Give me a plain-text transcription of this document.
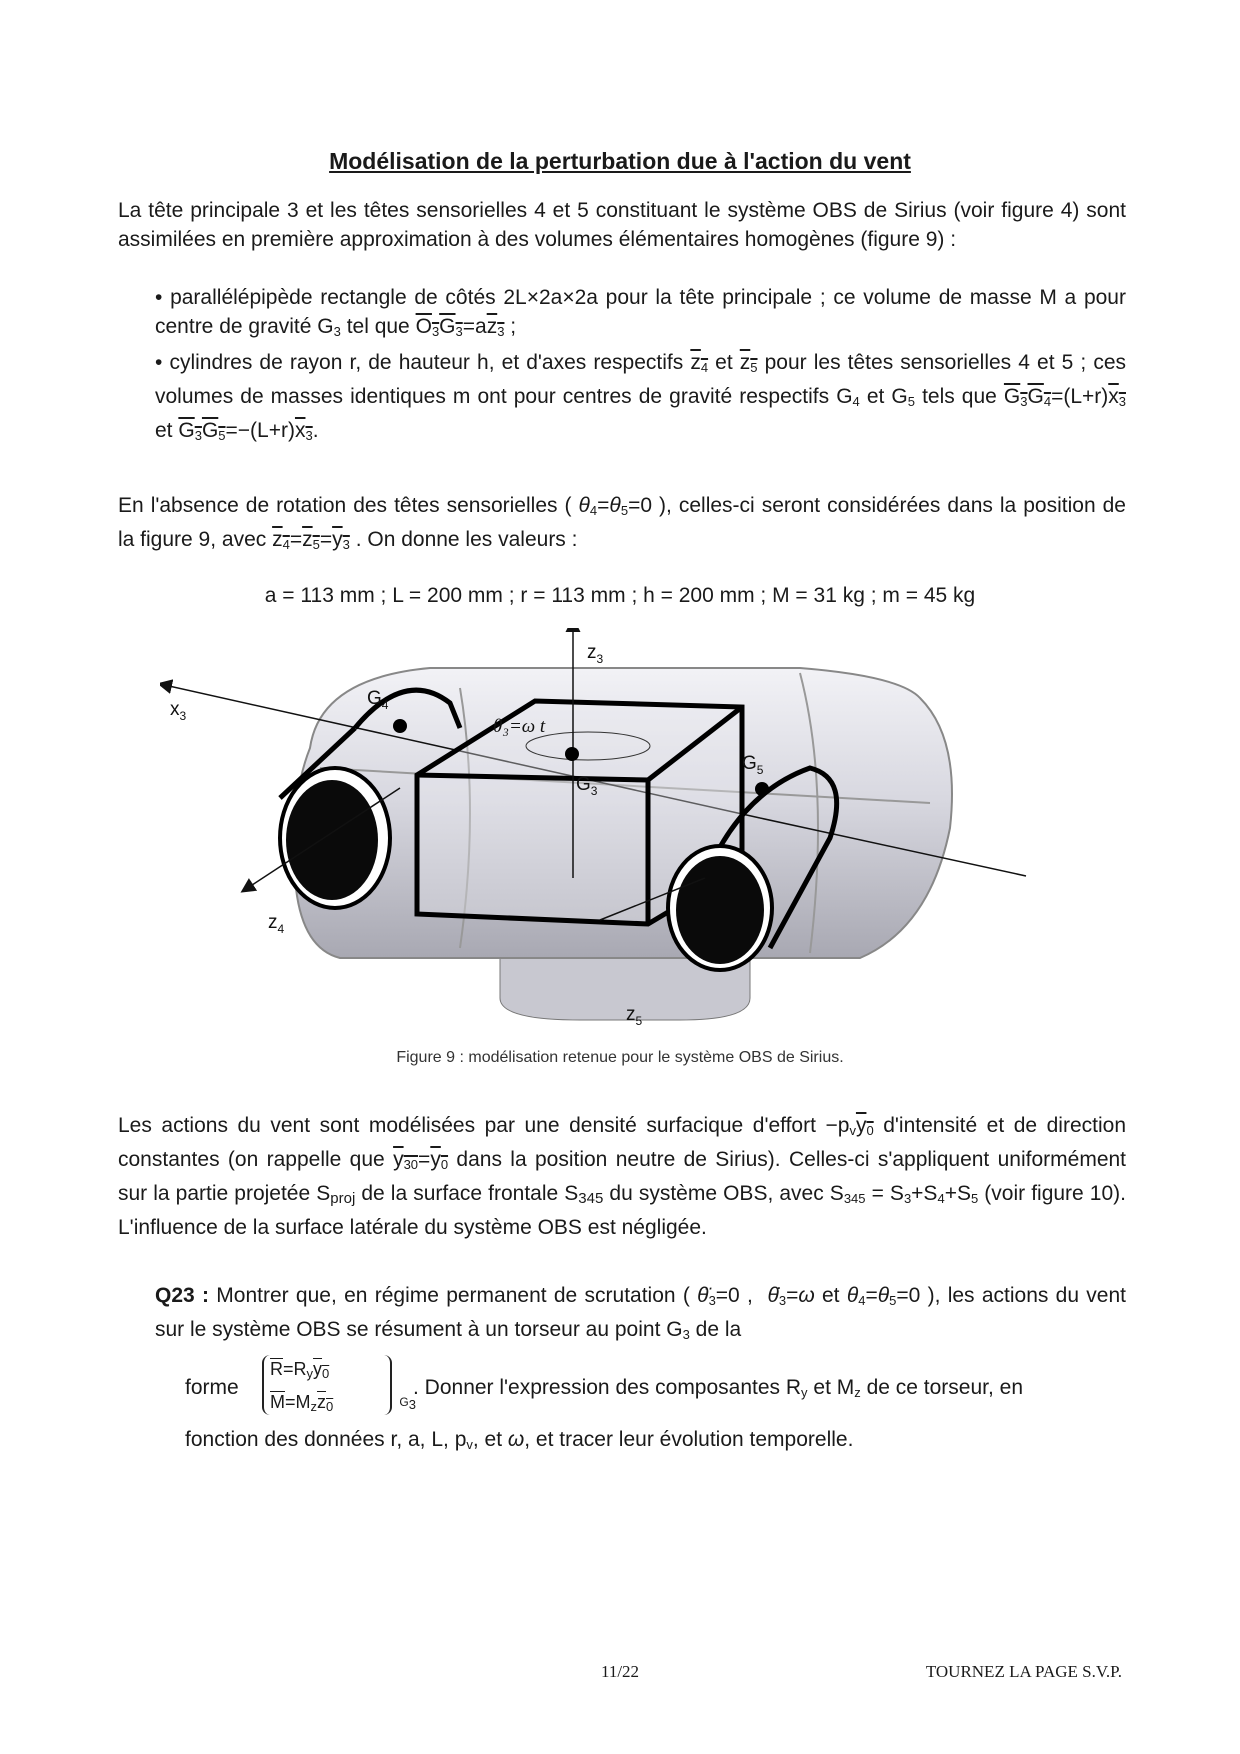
Modélisation de la perturbation due à l'action du vent
La tête principale 3 et les têtes sensorielles 4 et 5 constituant le système OBS de Sirius (voir figure 4) sont assimilées en première approximation à des volumes élémentaires homogènes (figure 9) :
• parallélépipède rectangle de côtés 2L×2a×2a pour la tête principale ; ce volume de masse M a pour centre de gravité $G_3$ tel que $O_3G_3=az_3$ ;
• cylindres de rayon r, de hauteur h, et d'axes respectifs $z_4$ et $z_5$ pour les têtes sensorielles 4 et 5 ; ces volumes de masses identiques m ont pour centres de gravité respectifs $G_4$ et $G_5$ tels que $G_3G_4=(L+r)x_3$ et $G_3G_5=-(L+r)x_3$.
En l'absence de rotation des têtes sensorielles ( $\theta_4=\theta_5=0$ ), celles-ci seront considérées dans la position de la figure 9, avec $z_4=z_5=y_3$ . On donne les valeurs :
a = 113 mm ; L = 200 mm ; r = 113 mm ; h = 200 mm ; M = 31 kg ; m = 45 kg
$z_3$
$x_3$
$z_4$
$z_5$
$G_4$
$G_3$
$G_5$
θ₃=ω t
Figure 9 : modélisation retenue pour le système OBS de Sirius.
Les actions du vent sont modélisées par une densité surfacique d'effort $-p_vy_0$ d'intensité et de direction constantes (on rappelle que $y_{30}=y_0$ dans la position neutre de Sirius). Celles-ci s'appliquent uniformément sur la partie projetée $S_{proj}$ de la surface frontale $S_{345}$ du système OBS, avec $S_{345} = S_3+S_4+S_5$ (voir figure 10). L'influence de la surface latérale du système OBS est négligée.
Q23 : Montrer que, en régime permanent de scrutation ( $\thetä_3=0$ ,  $\thetȧ_3=\omega$ et $\theta_4=\theta_5=0$ ), les actions du vent sur le système OBS se résument à un torseur au point $G_3$ de la
forme
$\overline{R}=R_yy_0$
$\overline{M}=M_zz_0$	$G_3$
. Donner l'expression des composantes $R_y$ et $M_z$ de ce torseur, en
fonction des données r, a, L, $p_v$, et ω, et tracer leur évolution temporelle.
11/22	TOURNEZ LA PAGE S.V.P.
